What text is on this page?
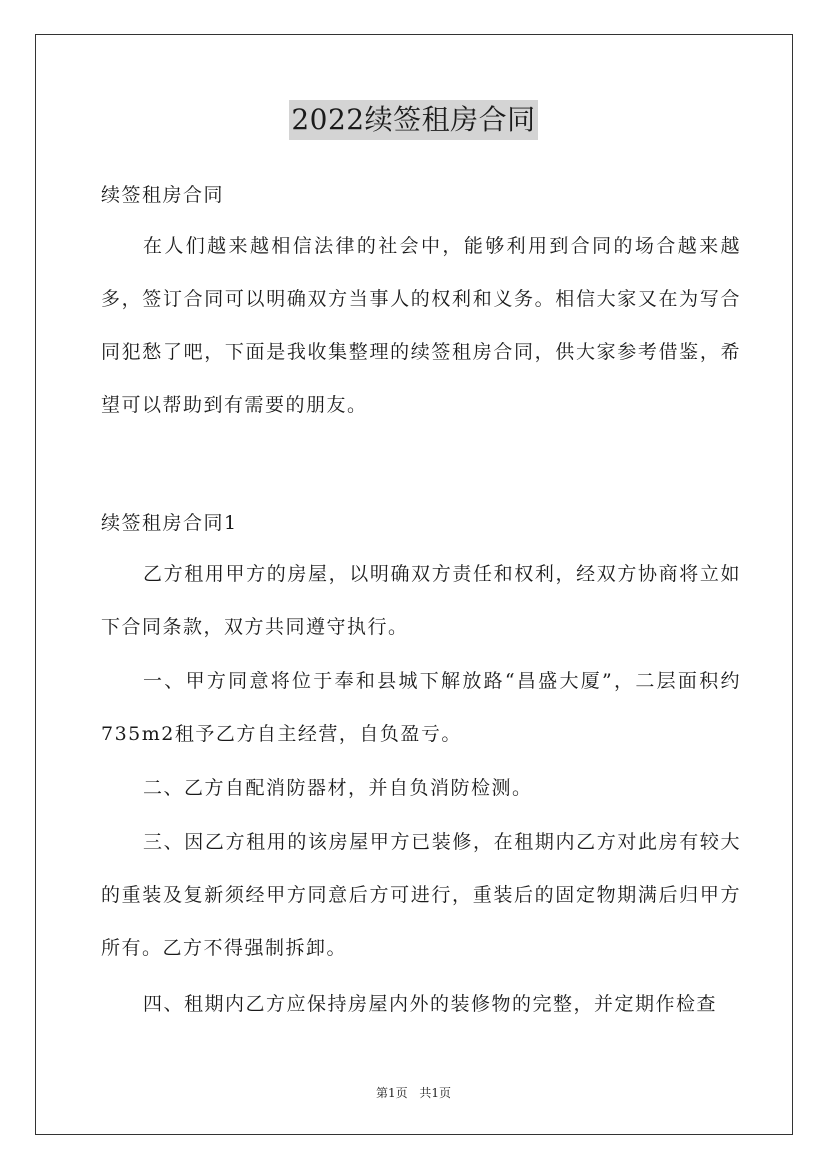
2022续签租房合同
续签租房合同
在人们越来越相信法律的社会中，能够利用到合同的场合越来越多，签订合同可以明确双方当事人的权利和义务。相信大家又在为写合同犯愁了吧，下面是我收集整理的续签租房合同，供大家参考借鉴，希望可以帮助到有需要的朋友。
续签租房合同1
乙方租用甲方的房屋，以明确双方责任和权利，经双方协商将立如下合同条款，双方共同遵守执行。
一、甲方同意将位于奉和县城下解放路“昌盛大厦”，二层面积约735m2租予乙方自主经营，自负盈亏。
二、乙方自配消防器材，并自负消防检测。
三、因乙方租用的该房屋甲方已装修，在租期内乙方对此房有较大的重装及复新须经甲方同意后方可进行，重装后的固定物期满后归甲方所有。乙方不得强制拆卸。
四、租期内乙方应保持房屋内外的装修物的完整，并定期作检查
第1页 共1页
